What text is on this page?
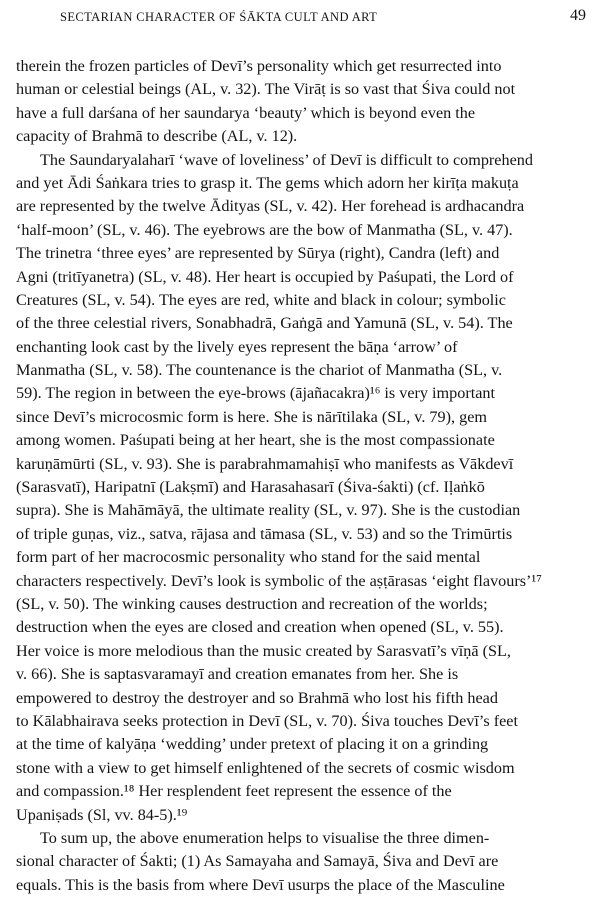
SECTARIAN CHARACTER OF ŚĀKTA CULT AND ART	49
therein the frozen particles of Devī’s personality which get resurrected into
human or celestial beings (AL, v. 32). The Virāṭ is so vast that Śiva could not
have a full darśana of her saundarya ‘beauty’ which is beyond even the
capacity of Brahmā to describe (AL, v. 12).
The Saundaryalaharī ‘wave of loveliness’ of Devī is difficult to comprehend
and yet Ādi Śaṅkara tries to grasp it. The gems which adorn her kirīṭa makuṭa
are represented by the twelve Ādityas (SL, v. 42). Her forehead is ardhacandra
‘half-moon’ (SL, v. 46). The eyebrows are the bow of Manmatha (SL, v. 47).
The trinetra ‘three eyes’ are represented by Sūrya (right), Candra (left) and
Agni (tritīyanetra) (SL, v. 48). Her heart is occupied by Paśupati, the Lord of
Creatures (SL, v. 54). The eyes are red, white and black in colour; symbolic
of the three celestial rivers, Sonabhadrā, Gaṅgā and Yamunā (SL, v. 54). The
enchanting look cast by the lively eyes represent the bāṇa ‘arrow’ of
Manmatha (SL, v. 58). The countenance is the chariot of Manmatha (SL, v.
59). The region in between the eye-brows (ājañacakra)¹⁶ is very important
since Devī’s microcosmic form is here. She is nārītilaka (SL, v. 79), gem
among women. Paśupati being at her heart, she is the most compassionate
karuṇāmūrti (SL, v. 93). She is parabrahmamahiṣī who manifests as Vākdevī
(Sarasvatī), Haripatnī (Lakṣmī) and Harasahasarī (Śiva-śakti) (cf. Iḷaṅkō
supra). She is Mahāmāyā, the ultimate reality (SL, v. 97). She is the custodian
of triple guṇas, viz., satva, rājasa and tāmasa (SL, v. 53) and so the Trimūrtis
form part of her macrocosmic personality who stand for the said mental
characters respectively. Devī’s look is symbolic of the aṣṭārasas ‘eight flavours’¹⁷
(SL, v. 50). The winking causes destruction and recreation of the worlds;
destruction when the eyes are closed and creation when opened (SL, v. 55).
Her voice is more melodious than the music created by Sarasvatī’s vīṇā (SL,
v. 66). She is saptasvaramayī and creation emanates from her. She is
empowered to destroy the destroyer and so Brahmā who lost his fifth head
to Kālabhairava seeks protection in Devī (SL, v. 70). Śiva touches Devī’s feet
at the time of kalyāṇa ‘wedding’ under pretext of placing it on a grinding
stone with a view to get himself enlightened of the secrets of cosmic wisdom
and compassion.¹⁸ Her resplendent feet represent the essence of the
Upaniṣads (Sl, vv. 84-5).¹⁹
To sum up, the above enumeration helps to visualise the three dimen-
sional character of Śakti; (1) As Samayaha and Samayā, Śiva and Devī are
equals. This is the basis from where Devī usurps the place of the Masculine
